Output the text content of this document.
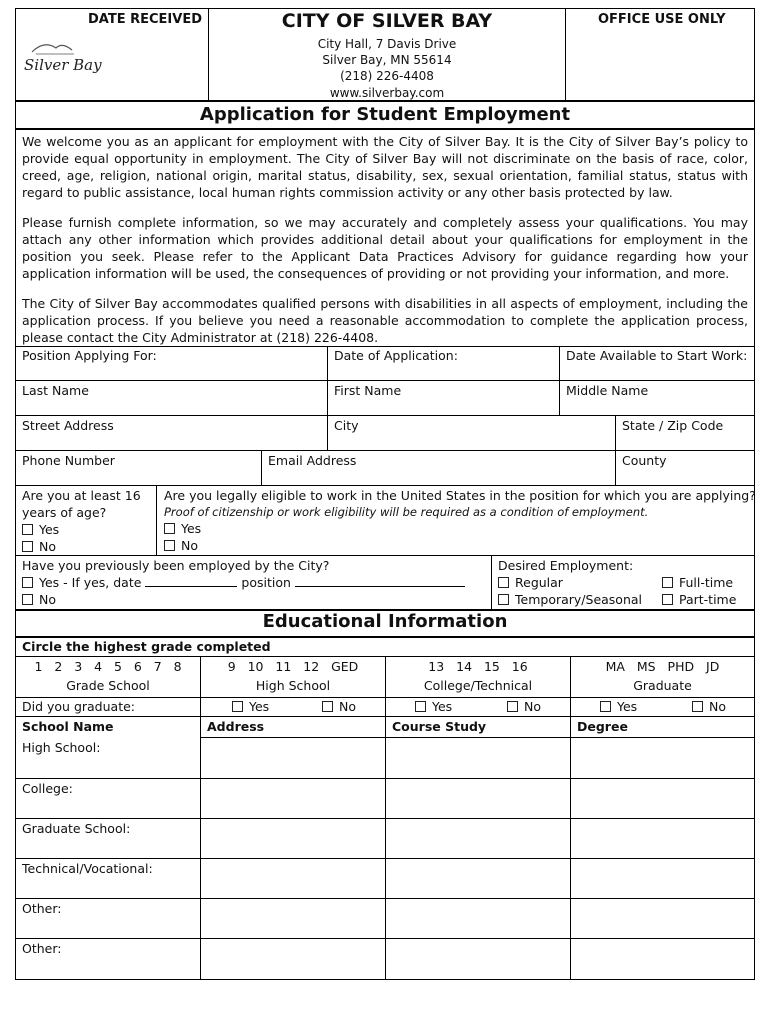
DATE RECEIVED
Silver Bay
CITY OF SILVER BAY
City Hall, 7 Davis Drive
Silver Bay, MN 55614
(218) 226-4408
www.silverbay.com
OFFICE USE ONLY
Application for Student Employment
We welcome you as an applicant for employment with the City of Silver Bay. It is the City of Silver Bay’s policy to provide equal opportunity in employment. The City of Silver Bay will not discriminate on the basis of race, color, creed, age, religion, national origin, marital status, disability, sex, sexual orientation, familial status, status with regard to public assistance, local human rights commission activity or any other basis protected by law.
Please furnish complete information, so we may accurately and completely assess your qualifications. You may attach any other information which provides additional detail about your qualifications for employment in the position you seek. Please refer to the Applicant Data Practices Advisory for guidance regarding how your application information will be used, the consequences of providing or not providing your information, and more.
The City of Silver Bay accommodates qualified persons with disabilities in all aspects of employment, including the application process. If you believe you need a reasonable accommodation to complete the application process, please contact the City Administrator at (218) 226-4408.
Position Applying For:	Date of Application:	Date Available to Start Work:
Last Name	First Name	Middle Name
Street Address	City	State / Zip Code
Phone Number	Email Address	County
Are you at least 16
years of age?
Yes
No
Are you legally eligible to work in the United States in the position for which you are applying?
Proof of citizenship or work eligibility will be required as a condition of employment.
Yes
No
Have you previously been employed by the City?
Yes - If yes, date	position
No
Desired Employment:
Regular
Temporary/Seasonal
Full-time
Part-time
Educational Information
Circle the highest grade completed
1   2   3   4   5   6   7   8
Grade School
9   10   11   12   GED
High School
13   14   15   16
College/Technical
MA   MS   PHD   JD
Graduate
Did you graduate:	Yes	No	Yes	No	Yes	No
School Name	Address	Course Study	Degree
High School:
College:
Graduate School:
Technical/Vocational:
Other:
Other:
